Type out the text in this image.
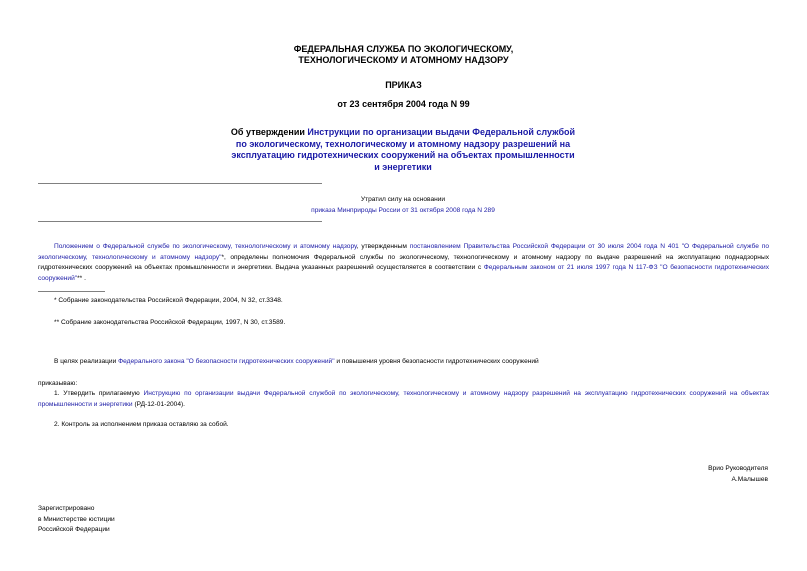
ФЕДЕРАЛЬНАЯ СЛУЖБА ПО ЭКОЛОГИЧЕСКОМУ,
ТЕХНОЛОГИЧЕСКОМУ И АТОМНОМУ НАДЗОРУ
ПРИКАЗ
от 23 сентября 2004 года N 99
Об утверждении Инструкции по организации выдачи Федеральной службой по экологическому, технологическому и атомному надзору разрешений на эксплуатацию гидротехнических сооружений на объектах промышленности и энергетики
Утратил силу на основании
приказа Минприроды России от 31 октября 2008 года N 289
Положением о Федеральной службе по экологическому, технологическому и атомному надзору, утвержденным постановлением Правительства Российской Федерации от 30 июля 2004 года N 401 "О Федеральной службе по экологическому, технологическому и атомному надзору"*, определены полномочия Федеральной службы по экологическому, технологическому и атомному надзору по выдаче разрешений на эксплуатацию поднадзорных гидротехнических сооружений на объектах промышленности и энергетики. Выдача указанных разрешений осуществляется в соответствии с Федеральным законом от 21 июля 1997 года N 117-ФЗ "О безопасности гидротехнических сооружений"** .
* Собрание законодательства Российской Федерации, 2004, N 32, ст.3348.
** Собрание законодательства Российской Федерации, 1997, N 30, ст.3589.
В целях реализации Федерального закона "О безопасности гидротехнических сооружений" и повышения уровня безопасности гидротехнических сооружений
приказываю:
1. Утвердить прилагаемую Инструкцию по организации выдачи Федеральной службой по экологическому, технологическому и атомному надзору разрешений на эксплуатацию гидротехнических сооружений на объектах промышленности и энергетики (РД-12-01-2004).
2. Контроль за исполнением приказа оставляю за собой.
Врио Руководителя
А.Малышев
Зарегистрировано
в Министерстве юстиции
Российской Федерации
